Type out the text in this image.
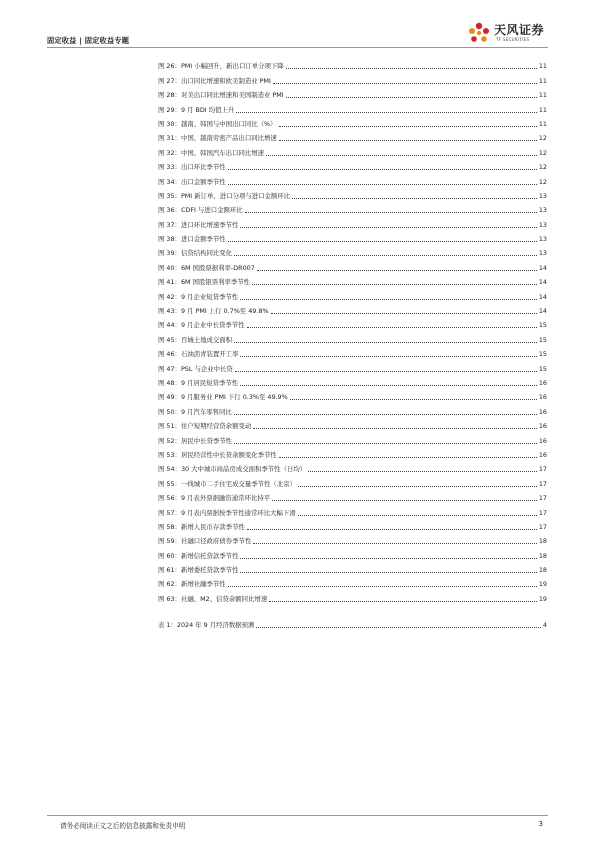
固定收益 | 固定收益专题
天风证券
TF SECURITIES
图 26：PMI 小幅回升，新出口订单分项下降	11
图 27：出口同比增速和欧美制造业 PMI	11
图 28：对美出口同比增速和美国制造业 PMI	11
图 29：9 月 BDI 均值上升	11
图 30：越南、韩国与中国出口同比（%）	11
图 31：中国、越南劳密产品出口同比增速	12
图 32：中国、韩国汽车出口同比增速	12
图 33：出口环比季节性	12
图 34：出口金额季节性	12
图 35：PMI 新订单、进口分项与进口金额环比	13
图 36：CDFI 与进口金额环比	13
图 37：进口环比增速季节性	13
图 38：进口金额季节性	13
图 39：信贷结构同比变化	13
图 40：6M 国股票据利率-DR007	14
图 41：6M 国股银票利率季节性	14
图 42：9 月企业短贷季节性	14
图 43：9 月 PMI 上行 0.7%至 49.8%	14
图 44：9 月企业中长贷季节性	15
图 45：百城土地成交面积	15
图 46：石油沥青装置开工率	15
图 47：PSL 与企业中长贷	15
图 48：9 月居民短贷季节性	16
图 49：9 月服务业 PMI 下行 0.3%至 49.9%	16
图 50：9 月汽车零售同比	16
图 51：住户短期经营贷余额变动	16
图 52：居民中长贷季节性	16
图 53：居民经营性中长贷余额变化季节性	16
图 54：30 大中城市商品房成交面积季节性（日均）	17
图 55：一线城市二手住宅成交量季节性（北京）	17
图 56：9 月表外票据融资通常环比持平	17
图 57：9 月表内票据按季节性通常环比大幅下滑	17
图 58：新增人民币存款季节性	17
图 59：社融口径政府债券季节性	18
图 60：新增信托贷款季节性	18
图 61：新增委托贷款季节性	18
图 62：新增社融季节性	19
图 63：社融、M2、信贷余额同比增速	19
表 1：2024 年 9 月经济数据预测	4
请务必阅读正文之后的信息披露和免责申明	3
